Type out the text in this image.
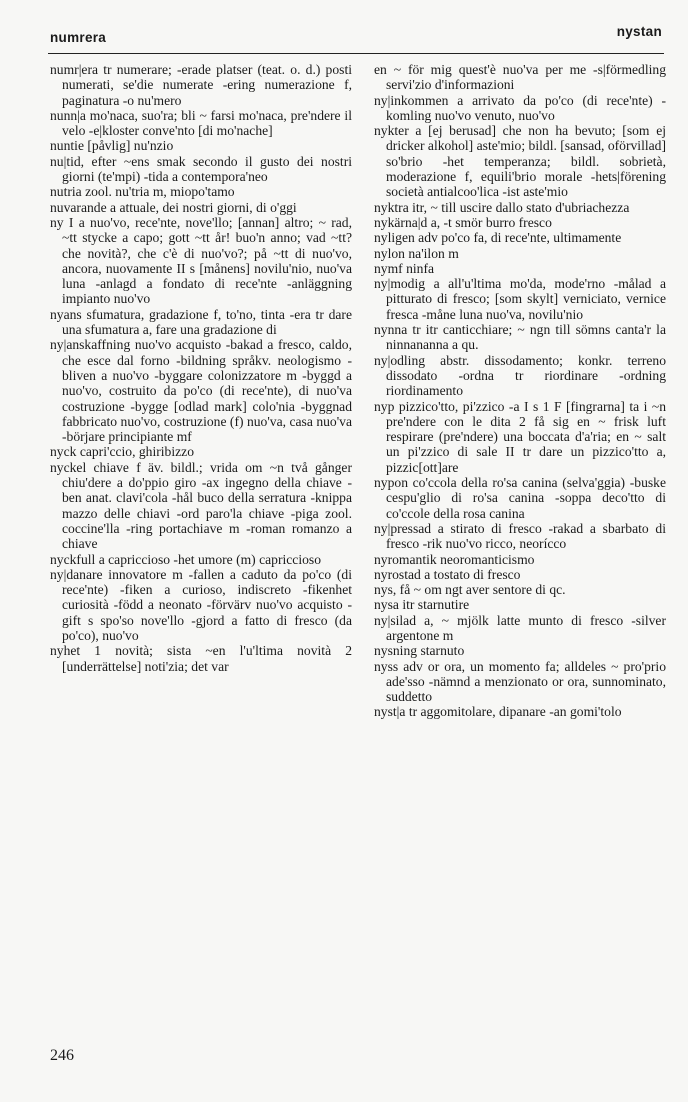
numrera	nystan

numr|era tr numerare; -erade platser (teat. o. d.) posti numerati, se'die numerate -ering numerazione f, paginatura -o nu'mero

nunn|a mo'naca, suo'ra; bli ~ farsi mo'naca, pre'ndere il velo -e|kloster conve'nto [di mo'nache]

nuntie [påvlig] nu'nzio

nu|tid, efter ~ens smak secondo il gusto dei nostri giorni (te'mpi) -tida a contempora'neo

nutria zool. nu'tria m, miopo'tamo

nuvarande a attuale, dei nostri giorni, di o'ggi

ny I a nuo'vo, rece'nte, nove'llo; [annan] altro; ~ rad, ~tt stycke a capo; gott ~tt år! buo'n anno; vad ~tt? che novità?, che c'è di nuo'vo?; på ~tt di nuo'vo, ancora, nuovamente II s [månens] novilu'nio, nuo'va luna -anlagd a fondato di rece'nte -anläggning impianto nuo'vo

nyans sfumatura, gradazione f, to'no, tinta -era tr dare una sfumatura a, fare una gradazione di

ny|anskaffning nuo'vo acquisto -bakad a fresco, caldo, che esce dal forno -bildning språkv. neologismo -bliven a nuo'vo -byggare colonizzatore m -byggd a nuo'vo, costruito da po'co (di rece'nte), di nuo'va costruzione -bygge [odlad mark] colo'nia -byggnad fabbricato nuo'vo, costruzione (f) nuo'va, casa nuo'va -börjare principiante mf

nyck capri'ccio, ghiribizzo

nyckel chiave f äv. bildl.; vrida om ~n två gånger chiu'dere a do'ppio giro -ax ingegno della chiave -ben anat. clavi'cola -hål buco della serratura -knippa mazzo delle chiavi -ord paro'la chiave -piga zool. coccine'lla -ring portachiave m -roman romanzo a chiave

nyckfull a capriccioso -het umore (m) capriccioso

ny|danare innovatore m -fallen a caduto da po'co (di rece'nte) -fiken a curioso, indiscreto -fikenhet curiosità -född a neonato -förvärv nuo'vo acquisto -gift s spo'so nove'llo -gjord a fatto di fresco (da po'co), nuo'vo

nyhet 1 novità; sista ~en l'u'ltima novità 2 [underrättelse] noti'zia; det var

en ~ för mig quest'è nuo'va per me -s|förmedling servi'zio d'informazioni

ny|inkommen a arrivato da po'co (di rece'nte) -komling nuo'vo venuto, nuo'vo

nykter a [ej berusad] che non ha bevuto; [som ej dricker alkohol] aste'mio; bildl. [sansad, oförvillad] so'brio -het temperanza; bildl. sobrietà, moderazione f, equili'brio morale -hets|förening società antialcoo'lica -ist aste'mio

nyktra itr, ~ till uscire dallo stato d'ubriachezza

nykärna|d a, -t smör burro fresco

nyligen adv po'co fa, di rece'nte, ultimamente

nylon na'ilon m

nymf ninfa

ny|modig a all'u'ltima mo'da, mode'rno -målad a pitturato di fresco; [som skylt] verniciato, vernice fresca -måne luna nuo'va, novilu'nio

nynna tr itr canticchiare; ~ ngn till sömns canta'r la ninnananna a qu.

ny|odling abstr. dissodamento; konkr. terreno dissodato -ordna tr riordinare -ordning riordinamento

nyp pizzico'tto, pi'zzico -a I s 1 F [fingrarna] ta i ~n pre'ndere con le dita 2 få sig en ~ frisk luft respirare (pre'ndere) una boccata d'a'ria; en ~ salt un pi'zzico di sale II tr dare un pizzico'tto a, pizzic[ott]are

nypon co'ccola della ro'sa canina (selva'ggia) -buske cespu'glio di ro'sa canina -soppa deco'tto di co'ccole della rosa canina

ny|pressad a stirato di fresco -rakad a sbarbato di fresco -rik nuo'vo ricco, neorícco

nyromantik neoromanticismo

nyrostad a tostato di fresco

nys, få ~ om ngt aver sentore di qc.

nysa itr starnutire

ny|silad a, ~ mjölk latte munto di fresco -silver argentone m

nysning starnuto

nyss adv or ora, un momento fa; alldeles ~ pro'prio ade'sso -nämnd a menzionato or ora, sunnominato, suddetto

nyst|a tr aggomitolare, dipanare -an gomi'tolo

246
